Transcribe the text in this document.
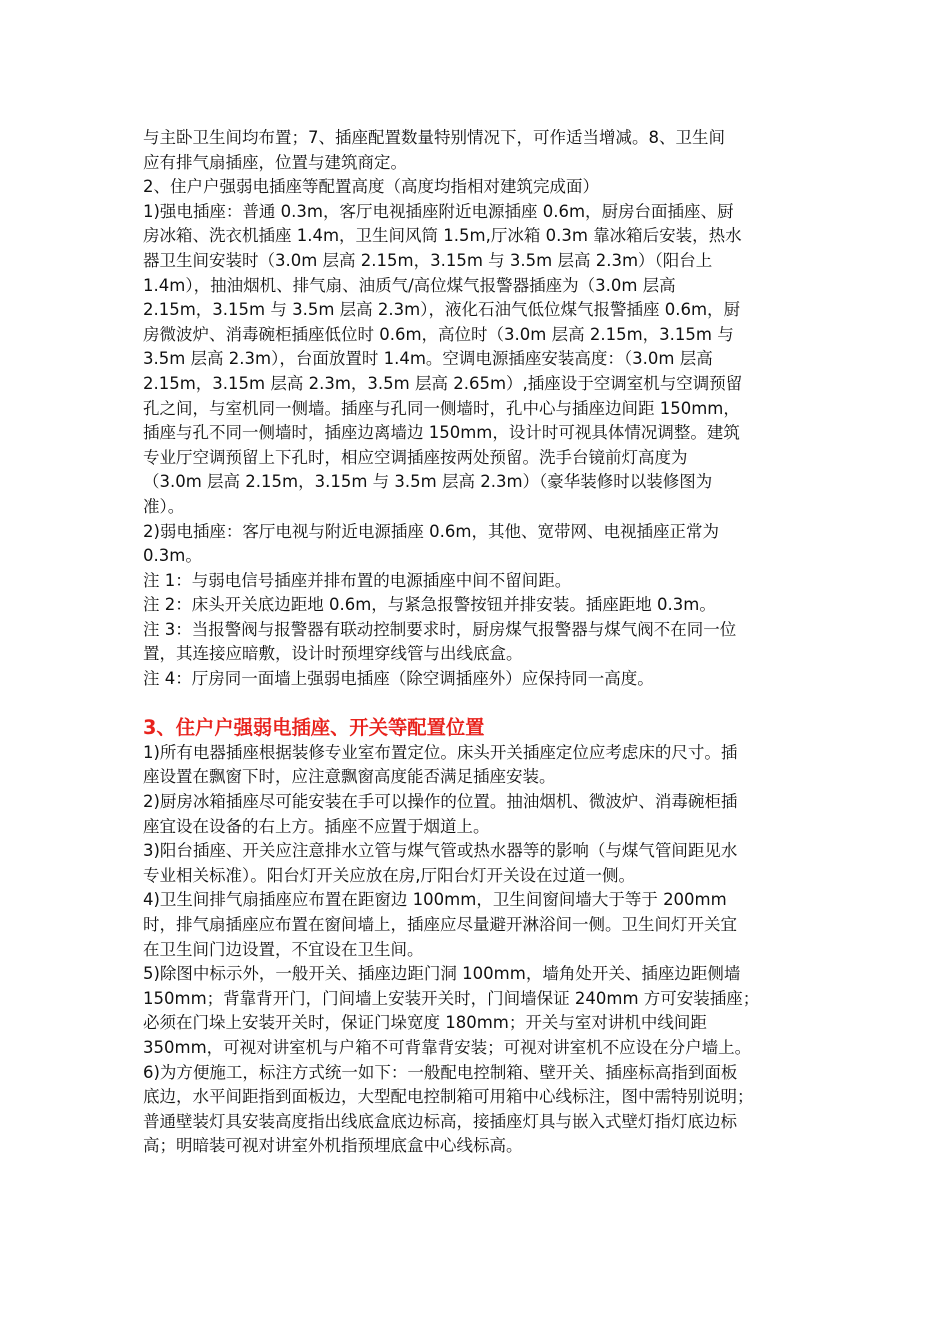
与主卧卫生间均布置；7、插座配置数量特别情况下，可作适当增减。8、卫生间

应有排气扇插座，位置与建筑商定。

2、住户户强弱电插座等配置高度（高度均指相对建筑完成面）

1)强电插座：普通 0.3m，客厅电视插座附近电源插座 0.6m，厨房台面插座、厨

房冰箱、洗衣机插座 1.4m，卫生间风筒 1.5m,厅冰箱 0.3m 靠冰箱后安装，热水

器卫生间安装时（3.0m 层高 2.15m，3.15m 与 3.5m 层高 2.3m）（阳台上

1.4m），抽油烟机、排气扇、油质气/高位煤气报警器插座为（3.0m 层高

2.15m，3.15m 与 3.5m 层高 2.3m），液化石油气低位煤气报警插座 0.6m，厨

房微波炉、消毒碗柜插座低位时 0.6m，高位时（3.0m 层高 2.15m，3.15m 与

3.5m 层高 2.3m），台面放置时 1.4m。空调电源插座安装高度：（3.0m 层高

2.15m，3.15m 层高 2.3m，3.5m 层高 2.65m）,插座设于空调室机与空调预留

孔之间，与室机同一侧墙。插座与孔同一侧墙时，孔中心与插座边间距 150mm，

插座与孔不同一侧墙时，插座边离墙边 150mm，设计时可视具体情况调整。建筑

专业厅空调预留上下孔时，相应空调插座按两处预留。洗手台镜前灯高度为

（3.0m 层高 2.15m，3.15m 与 3.5m 层高 2.3m）（豪华装修时以装修图为

准）。

2)弱电插座：客厅电视与附近电源插座 0.6m，其他、宽带网、电视插座正常为

0.3m。

注 1：与弱电信号插座并排布置的电源插座中间不留间距。

注 2：床头开关底边距地 0.6m，与紧急报警按钮并排安装。插座距地 0.3m。

注 3：当报警阀与报警器有联动控制要求时，厨房煤气报警器与煤气阀不在同一位

置，其连接应暗敷，设计时预埋穿线管与出线底盒。

注 4：厅房同一面墙上强弱电插座（除空调插座外）应保持同一高度。

3、住户户强弱电插座、开关等配置位置

1)所有电器插座根据装修专业室布置定位。床头开关插座定位应考虑床的尺寸。插

座设置在飘窗下时，应注意飘窗高度能否满足插座安装。

2)厨房冰箱插座尽可能安装在手可以操作的位置。抽油烟机、微波炉、消毒碗柜插

座宜设在设备的右上方。插座不应置于烟道上。

3)阳台插座、开关应注意排水立管与煤气管或热水器等的影响（与煤气管间距见水

专业相关标准）。阳台灯开关应放在房,厅阳台灯开关设在过道一侧。

4)卫生间排气扇插座应布置在距窗边 100mm，卫生间窗间墙大于等于 200mm

时，排气扇插座应布置在窗间墙上，插座应尽量避开淋浴间一侧。卫生间灯开关宜

在卫生间门边设置，不宜设在卫生间。

5)除图中标示外，一般开关、插座边距门洞 100mm，墙角处开关、插座边距侧墙

150mm；背靠背开门，门间墙上安装开关时，门间墙保证 240mm 方可安装插座；

必须在门垛上安装开关时，保证门垛宽度 180mm；开关与室对讲机中线间距

350mm，可视对讲室机与户箱不可背靠背安装；可视对讲室机不应设在分户墙上。

6)为方便施工，标注方式统一如下：一般配电控制箱、壁开关、插座标高指到面板

底边，水平间距指到面板边，大型配电控制箱可用箱中心线标注，图中需特别说明；

普通壁装灯具安装高度指出线底盒底边标高，接插座灯具与嵌入式壁灯指灯底边标

高；明暗装可视对讲室外机指预埋底盒中心线标高。
